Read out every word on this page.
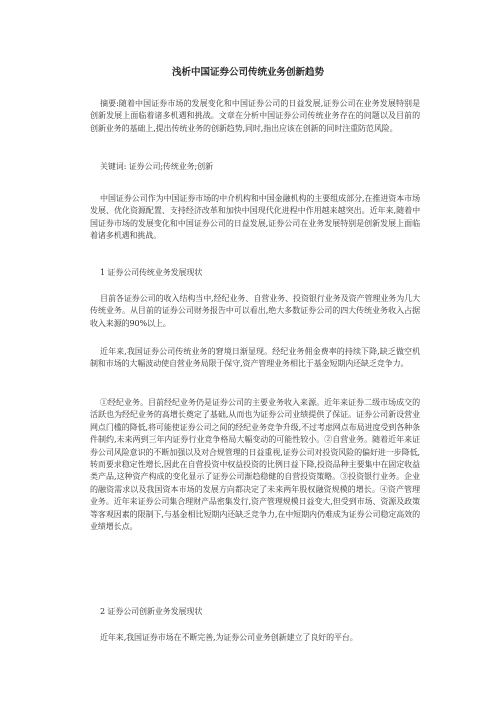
浅析中国证券公司传统业务创新趋势

摘要:随着中国证券市场的发展变化和中国证券公司的日益发展,证券公司在业务发展特别是创新发展上面临着诸多机遇和挑战。文章在分析中国证券公司传统业务存在的问题以及目前的创新业务的基础上,提出传统业务的创新趋势,同时,指出应该在创新的同时注重防范风险。

关键词: 证券公司;传统业务;创新

中国证券公司作为中国证券市场的中介机构和中国金融机构的主要组成部分,在推进资本市场发展、优化资源配置、支持经济改革和加快中国现代化进程中作用越来越突出。近年来,随着中国证券市场的发展变化和中国证券公司的日益发展,证券公司在业务发展特别是创新发展上面临着诸多机遇和挑战。

1 证券公司传统业务发展现状

目前各证券公司的收入结构当中,经纪业务、自营业务、投资银行业务及资产管理业务为几大传统业务。从目前的证券公司财务报告中可以看出,绝大多数证券公司的四大传统业务收入占据收入来源的90%以上。

近年来,我国证券公司传统业务的窘境日渐显现。经纪业务佣金费率的持续下降,缺乏做空机制和市场的大幅波动使自营业务局限于保守,资产管理业务相比于基金短期内还缺乏竞争力。

①经纪业务。目前经纪业务仍是证券公司的主要业务收入来源。近年来证券二级市场成交的活跃也为经纪业务的高增长奠定了基础,从而也为证券公司业绩提供了保证。证券公司新设营业网点门槛的降低,将可能使证券公司之间的经纪业务竞争升级,不过考虑网点布局进度受到各种条件制约,未来两到三年内证券行业竞争格局大幅变动的可能性较小。②自营业务。随着近年来证券公司风险意识的不断加强以及对合规管理的日益重视,证券公司对投资风险的偏好进一步降低,转而要求稳定性增长,因此在自营投资中权益投资的比例日益下降,投资品种主要集中在固定收益类产品,这种资产构成的变化显示了证券公司渐趋稳健的自营投资策略。③投资银行业务。企业的融资需求以及我国资本市场的发展方向都决定了未来两年股权融资规模的增长。④资产管理业务。近年来证券公司集合理财产品密集发行,资产管理规模日益变大,但受到市场、资源及政策等客观因素的限制下,与基金相比短期内还缺乏竞争力,在中短期内仍难成为证券公司稳定高效的业绩增长点。

2 证券公司创新业务发展现状

近年来,我国证券市场在不断完善,为证券公司业务创新建立了良好的平台。
